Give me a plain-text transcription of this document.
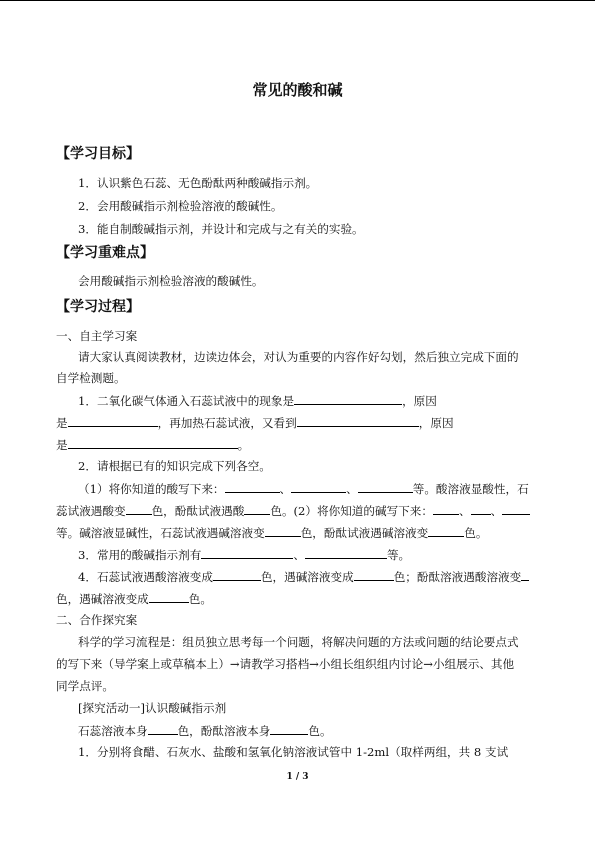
常见的酸和碱
【学习目标】
1．认识紫色石蕊、无色酚酞两种酸碱指示剂。
2．会用酸碱指示剂检验溶液的酸碱性。
3．能自制酸碱指示剂，并设计和完成与之有关的实验。
【学习重难点】
会用酸碱指示剂检验溶液的酸碱性。
【学习过程】
一、自主学习案
请大家认真阅读教材，边读边体会，对认为重要的内容作好勾划，然后独立完成下面的
自学检测题。
1．二氧化碳气体通入石蕊试液中的现象是	，原因
是	，再加热石蕊试液，又看到	，原因
是	。
2．请根据已有的知识完成下列各空。
（1）将你知道的酸写下来：	、	、	等。酸溶液显酸性，石
蕊试液遇酸变 色，酚酞试液遇酸 色。(2）将你知道的碱写下来： 、 、
等。碱溶液显碱性，石蕊试液遇碱溶液变	色，酚酞试液遇碱溶液变	色。
3．常用的酸碱指示剂有	、	等。
4．石蕊试液遇酸溶液变成	色，遇碱溶液变成	色；酚酞溶液遇酸溶液变
色，遇碱溶液变成	色。
二、合作探究案
科学的学习流程是：组员独立思考每一个问题，将解决问题的方法或问题的结论要点式
的写下来（导学案上或草稿本上）→请教学习搭档→小组长组织组内讨论→小组展示、其他
同学点评。
[探究活动一]认识酸碱指示剂
石蕊溶液本身	色，酚酞溶液本身	色。
1．分别将食醋、石灰水、盐酸和氢氧化钠溶液试管中 1-2ml（取样两组，共 8 支试
1 / 3
